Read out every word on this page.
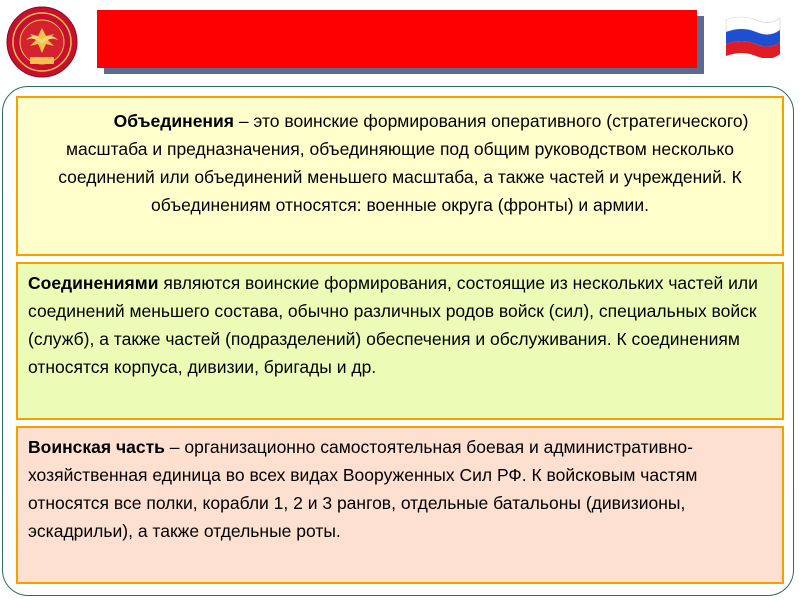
Объединения – это воинские формирования оперативного (стратегического) масштаба и предназначения, объединяющие под общим руководством несколько соединений или объединений меньшего масштаба, а также частей и учреждений. К объединениям относятся: военные округа (фронты) и армии.
Соединениями являются воинские формирования, состоящие из нескольких частей или соединений меньшего состава, обычно различных родов войск (сил), специальных войск (служб), а также частей (подразделений) обеспечения и обслуживания. К соединениям относятся корпуса, дивизии, бригады и др.
Воинская часть – организационно самостоятельная боевая и административно-хозяйственная единица во всех видах Вооруженных Сил РФ. К войсковым частям относятся все полки, корабли 1, 2 и 3 рангов, отдельные батальоны (дивизионы, эскадрильи), а также отдельные роты.
